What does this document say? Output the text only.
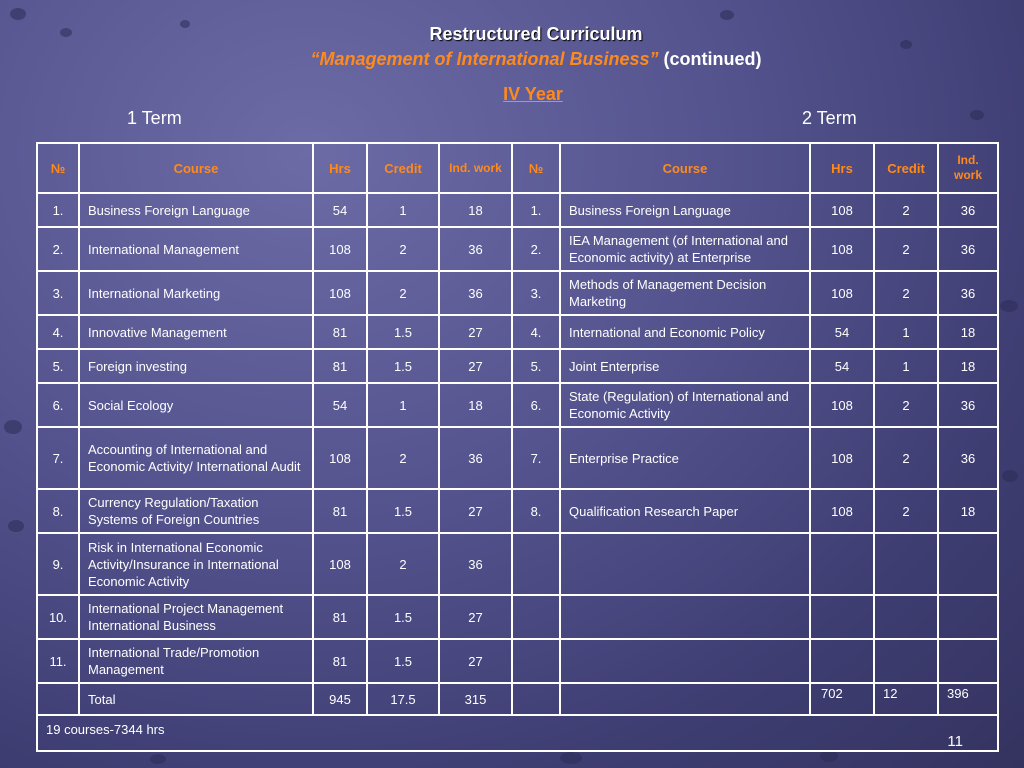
Restructured Curriculum
“Management of International Business” (continued)
IV Year
1 Term	2 Term
№	Course	Hrs	Credit	Ind. work	№	Course	Hrs	Credit	Ind. work
1.	Business Foreign Language	54	1	18	1.	Business Foreign Language	108	2	36
2.	International Management	108	2	36	2.	IEA Management (of International and Economic activity) at Enterprise	108	2	36
3.	International Marketing	108	2	36	3.	Methods of Management Decision Marketing	108	2	36
4.	Innovative Management	81	1.5	27	4.	International and Economic Policy	54	1	18
5.	Foreign investing	81	1.5	27	5.	Joint Enterprise	54	1	18
6.	Social Ecology	54	1	18	6.	State (Regulation) of International and Economic Activity	108	2	36
7.	Accounting of International and Economic Activity/ International Audit	108	2	36	7.	Enterprise Practice	108	2	36
8.	Currency Regulation/Taxation Systems of Foreign Countries	81	1.5	27	8.	Qualification Research Paper	108	2	18
9.	Risk in International Economic Activity/Insurance in International Economic Activity	108	2	36					
10.	International Project Management International Business	81	1.5	27					
11.	International Trade/Promotion Management	81	1.5	27					
	Total	945	17.5	315			702	12	396
19 courses-7344 hrs
11									
